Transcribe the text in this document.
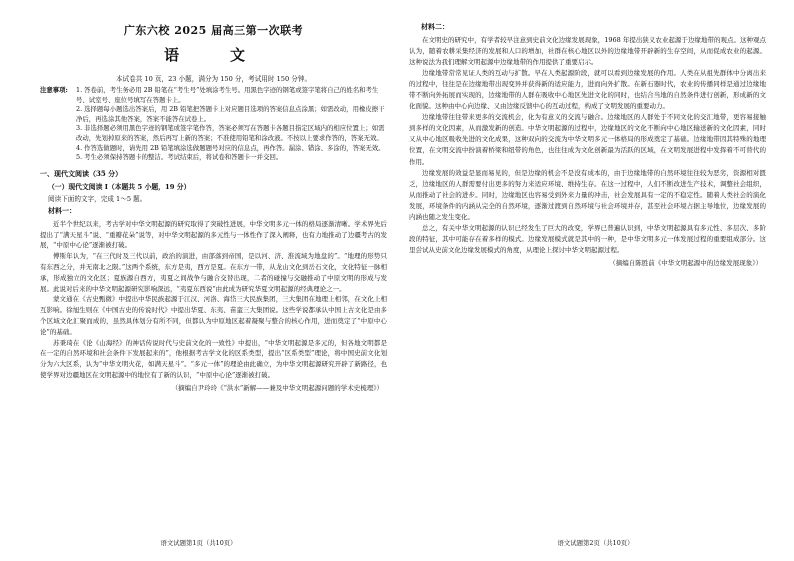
广东六校 2025 届高三第一次联考
语　文
本试卷共 10 页，23 小题，满分为 150 分，考试用时 150 分钟。
注意事项:	1. 答卷前，考生务必用 2B 铅笔在“考生号”处填涂考生号。用黑色字迹的钢笔或签字笔将自己的姓名和考生号、试室号、座位号填写在答题卡上。
2. 选择题每小题选出答案后，用 2B 铅笔把答题卡上对应题目选项的答案信息点涂黑；如需改动，用橡皮擦干净后，再选涂其他答案，答案不能答在试卷上。
3. 非选择题必须用黑色字迹的钢笔或签字笔作答，答案必须写在答题卡各题目指定区域内的相应位置上；如需改动，先划掉原来的答案，然后再写上新的答案；不准使用铅笔和涂改液。不按以上要求作答的，答案无效。
4. 作答选做题时，请先用 2B 铅笔填涂选做题题号对应的信息点，再作答。漏涂、错涂、多涂的，答案无效。
5. 考生必须保持答题卡的整洁。考试结束后，将试卷和答题卡一并交回。
一、现代文阅读（35 分）
（一）现代文阅读 I（本题共 5 小题，19 分）
阅读下面的文字，完成 1～5 题。
材料一：

近半个世纪以来，考古学对中华文明起源的研究取得了突破性进展，中华文明多元一体的格局逐渐清晰。学术界先后提出了“满天星斗”说、“重瓣花朵”说等，对中华文明起源的多元性与一体性作了深入阐释，也有力地推动了边疆考古的发展，“中原中心论”逐渐被打破。

傅斯年认为，“在三代时及三代以前，政治的演进，由部落到帝国，是以河、济、淮流域为地盘的”。“地理的形势只有东西之分，并无南北之限。”这两个系统，东方是夷，西方是夏。在东方一带，从龙山文化到岳石文化，文化特征一脉相承，形成独立的文化区；夏族源自西方，夷夏之间战争与融合交替出现，二者的碰撞与交融推动了中原文明的形成与发展。此说对后来的中华文明起源研究影响深远，“夷夏东西说”由此成为研究华夏文明起源的经典理论之一。

蒙文通在《古史甄微》中提出中华民族起源于江汉、河洛、海岱三大民族集团，三大集团在地理上相邻，在文化上相互影响。徐旭生则在《中国古史的传说时代》中提出华夏、东夷、苗蛮三大集团说。这些学说都承认中国上古文化是由多个区域文化汇聚而成的，虽然具体划分有所不同，但都认为中原地区起着凝聚与整合的核心作用，进而奠定了“中原中心论”的基础。

苏秉琦在《论《山海经》的神话传说时代与史前文化的一致性》中提出，“中华文明起源是多元的，但各地文明都是在一定的自然环境和社会条件下发展起来的”，他根据考古学文化的区系类型，提出“区系类型”理论，将中国史前文化划分为六大区系，认为“中华文明火花，如满天星斗”。“多元一体”的理论由此确立，为中华文明起源研究开辟了新路径，也使学界对边疆地区在文明起源中的地位有了新的认识，“中原中心论”逐渐被打破。

（摘编自尹玲玲《“洪水”新解——兼及中华文明起源问题的学术史梳理》）
语文试题第1页（共10页）
材料二：

在文明史的研究中，有学者较早注意到史前文化边缘发展现象，1968 年提出狭义农业起源于边缘地带的观点。这种观点认为，随着农耕采集经济的发展和人口的增加，社群在核心地区以外的边缘地带开辟新的生存空间，从而促成农业的起源。这种说法为我们理解文明起源中边缘地带的作用提供了重要启示。

边缘地带常常见证人类的互动与扩散。早在人类起源阶段，就可以看到边缘发展的作用。人类在从祖先群体中分离出来的过程中，往往是在边缘地带出现变异并获得新的适应能力，进而向外扩散。在新石器时代，农业的传播同样是通过边缘地带不断向外拓展而实现的，边缘地带的人群在吸收中心地区先进文化的同时，也结合当地的自然条件进行创新，形成新的文化面貌。这种由中心向边缘、又由边缘反馈中心的互动过程，构成了文明发展的重要动力。

边缘地带往往带来更多的交流机会，化为有意义的交流与融合。边缘地区的人群处于不同文化的交汇地带，更容易接触到多样的文化因素，从而激发新的创造。中华文明起源的过程中，边缘地区的文化不断向中心地区输送新的文化因素，同时又从中心地区吸收先进的文化成果，这种双向的交流为中华文明多元一体格局的形成奠定了基础。边缘地带因其特殊的地理位置，在文明交流中扮演着桥梁和纽带的角色，也往往成为文化创新最为活跃的区域，在文明发展进程中发挥着不可替代的作用。

边缘发展的效益是显而易见的，但是边缘的机会不是没有成本的，由于边缘地带的自然环境往往较为恶劣，资源相对匮乏，边缘地区的人群需要付出更多的努力来适应环境、维持生存。在这一过程中，人们不断改进生产技术，调整社会组织，从而推动了社会的进步。同时，边缘地区也容易受到外来力量的冲击，社会发展具有一定的不稳定性。随着人类社会的演化发展，环境条件的内涵从完全的自然环境，逐渐过渡到自然环境与社会环境并存，甚至社会环境占据主导地位，边缘发展的内涵也随之发生变化。

总之，有关中华文明起源的认识已经发生了巨大的改变，学界已普遍认识到，中华文明起源具有多元性、多层次、多阶段的特征，其中可能存在着多样的模式。边缘发展模式就是其中的一种，是中华文明多元一体发展过程的重要组成部分。这里尝试从史前文化边缘发展模式的角度，从理论上探讨中华文明起源过程。

（摘编自陈胜前《中华文明起源中的边缘发展现象》）
语文试题第2页（共10页）
